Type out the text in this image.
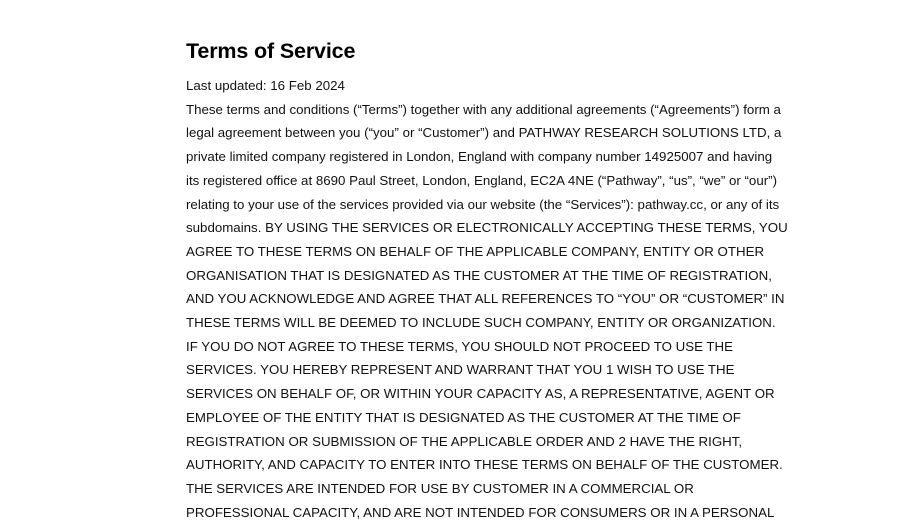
Terms of Service

Last updated: 16 Feb 2024

These terms and conditions (“Terms”) together with any additional agreements (“Agreements”) form a
legal agreement between you (“you” or “Customer”) and PATHWAY RESEARCH SOLUTIONS LTD, a
private limited company registered in London, England with company number 14925007 and having
its registered office at 8690 Paul Street, London, England, EC2A 4NE (“Pathway”, “us”, “we” or “our”)
relating to your use of the services provided via our website (the “Services”): pathway.cc, or any of its
subdomains. BY USING THE SERVICES OR ELECTRONICALLY ACCEPTING THESE TERMS, YOU
AGREE TO THESE TERMS ON BEHALF OF THE APPLICABLE COMPANY, ENTITY OR OTHER
ORGANISATION THAT IS DESIGNATED AS THE CUSTOMER AT THE TIME OF REGISTRATION,
AND YOU ACKNOWLEDGE AND AGREE THAT ALL REFERENCES TO “YOU” OR “CUSTOMER” IN
THESE TERMS WILL BE DEEMED TO INCLUDE SUCH COMPANY, ENTITY OR ORGANIZATION.
IF YOU DO NOT AGREE TO THESE TERMS, YOU SHOULD NOT PROCEED TO USE THE
SERVICES. YOU HEREBY REPRESENT AND WARRANT THAT YOU 1 WISH TO USE THE
SERVICES ON BEHALF OF, OR WITHIN YOUR CAPACITY AS, A REPRESENTATIVE, AGENT OR
EMPLOYEE OF THE ENTITY THAT IS DESIGNATED AS THE CUSTOMER AT THE TIME OF
REGISTRATION OR SUBMISSION OF THE APPLICABLE ORDER AND 2 HAVE THE RIGHT,
AUTHORITY, AND CAPACITY TO ENTER INTO THESE TERMS ON BEHALF OF THE CUSTOMER.
THE SERVICES ARE INTENDED FOR USE BY CUSTOMER IN A COMMERCIAL OR
PROFESSIONAL CAPACITY, AND ARE NOT INTENDED FOR CONSUMERS OR IN A PERSONAL
